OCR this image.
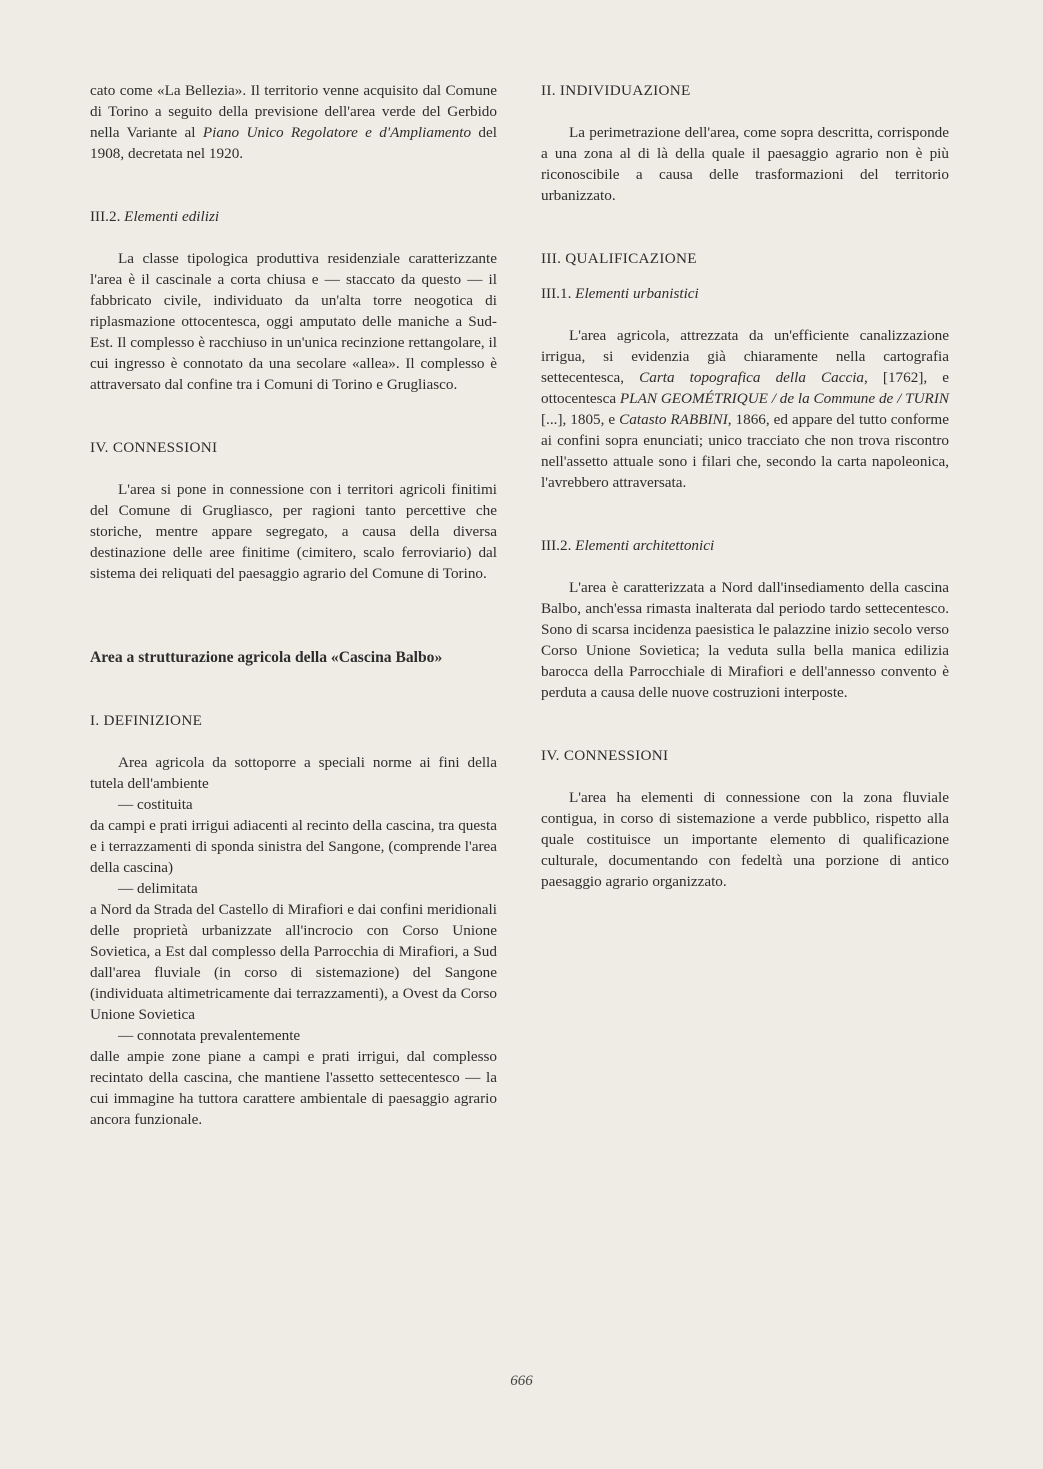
cato come «La Bellezia». Il territorio venne acquisito dal Comune di Torino a seguito della previsione dell'area verde del Gerbido nella Variante al Piano Unico Regolatore e d'Ampliamento del 1908, decretata nel 1920.

III.2. Elementi edilizi

La classe tipologica produttiva residenziale caratterizzante l'area è il cascinale a corta chiusa e — staccato da questo — il fabbricato civile, individuato da un'alta torre neogotica di riplasmazione ottocentesca, oggi amputato delle maniche a Sud-Est. Il complesso è racchiuso in un'unica recinzione rettangolare, il cui ingresso è connotato da una secolare «allea». Il complesso è attraversato dal confine tra i Comuni di Torino e Grugliasco.

IV. CONNESSIONI

L'area si pone in connessione con i territori agricoli finitimi del Comune di Grugliasco, per ragioni tanto percettive che storiche, mentre appare segregato, a causa della diversa destinazione delle aree finitime (cimitero, scalo ferroviario) dal sistema dei reliquati del paesaggio agrario del Comune di Torino.

Area a strutturazione agricola della «Cascina Balbo»

I. DEFINIZIONE

Area agricola da sottoporre a speciali norme ai fini della tutela dell'ambiente

— costituita

da campi e prati irrigui adiacenti al recinto della cascina, tra questa e i terrazzamenti di sponda sinistra del Sangone, (comprende l'area della cascina)

— delimitata

a Nord da Strada del Castello di Mirafiori e dai confini meridionali delle proprietà urbanizzate all'incrocio con Corso Unione Sovietica, a Est dal complesso della Parrocchia di Mirafiori, a Sud dall'area fluviale (in corso di sistemazione) del Sangone (individuata altimetricamente dai terrazzamenti), a Ovest da Corso Unione Sovietica

— connotata prevalentemente

dalle ampie zone piane a campi e prati irrigui, dal complesso recintato della cascina, che mantiene l'assetto settecentesco — la cui immagine ha tuttora carattere ambientale di paesaggio agrario ancora funzionale.

II. INDIVIDUAZIONE

La perimetrazione dell'area, come sopra descritta, corrisponde a una zona al di là della quale il paesaggio agrario non è più riconoscibile a causa delle trasformazioni del territorio urbanizzato.

III. QUALIFICAZIONE

III.1. Elementi urbanistici

L'area agricola, attrezzata da un'efficiente canalizzazione irrigua, si evidenzia già chiaramente nella cartografia settecentesca, Carta topografica della Caccia, [1762], e ottocentesca PLAN GEOMÉTRIQUE / de la Commune de / TURIN [...], 1805, e Catasto RABBINI, 1866, ed appare del tutto conforme ai confini sopra enunciati; unico tracciato che non trova riscontro nell'assetto attuale sono i filari che, secondo la carta napoleonica, l'avrebbero attraversata.

III.2. Elementi architettonici

L'area è caratterizzata a Nord dall'insediamento della cascina Balbo, anch'essa rimasta inalterata dal periodo tardo settecentesco. Sono di scarsa incidenza paesistica le palazzine inizio secolo verso Corso Unione Sovietica; la veduta sulla bella manica edilizia barocca della Parrocchiale di Mirafiori e dell'annesso convento è perduta a causa delle nuove costruzioni interposte.

IV. CONNESSIONI

L'area ha elementi di connessione con la zona fluviale contigua, in corso di sistemazione a verde pubblico, rispetto alla quale costituisce un importante elemento di qualificazione culturale, documentando con fedeltà una porzione di antico paesaggio agrario organizzato.

666
